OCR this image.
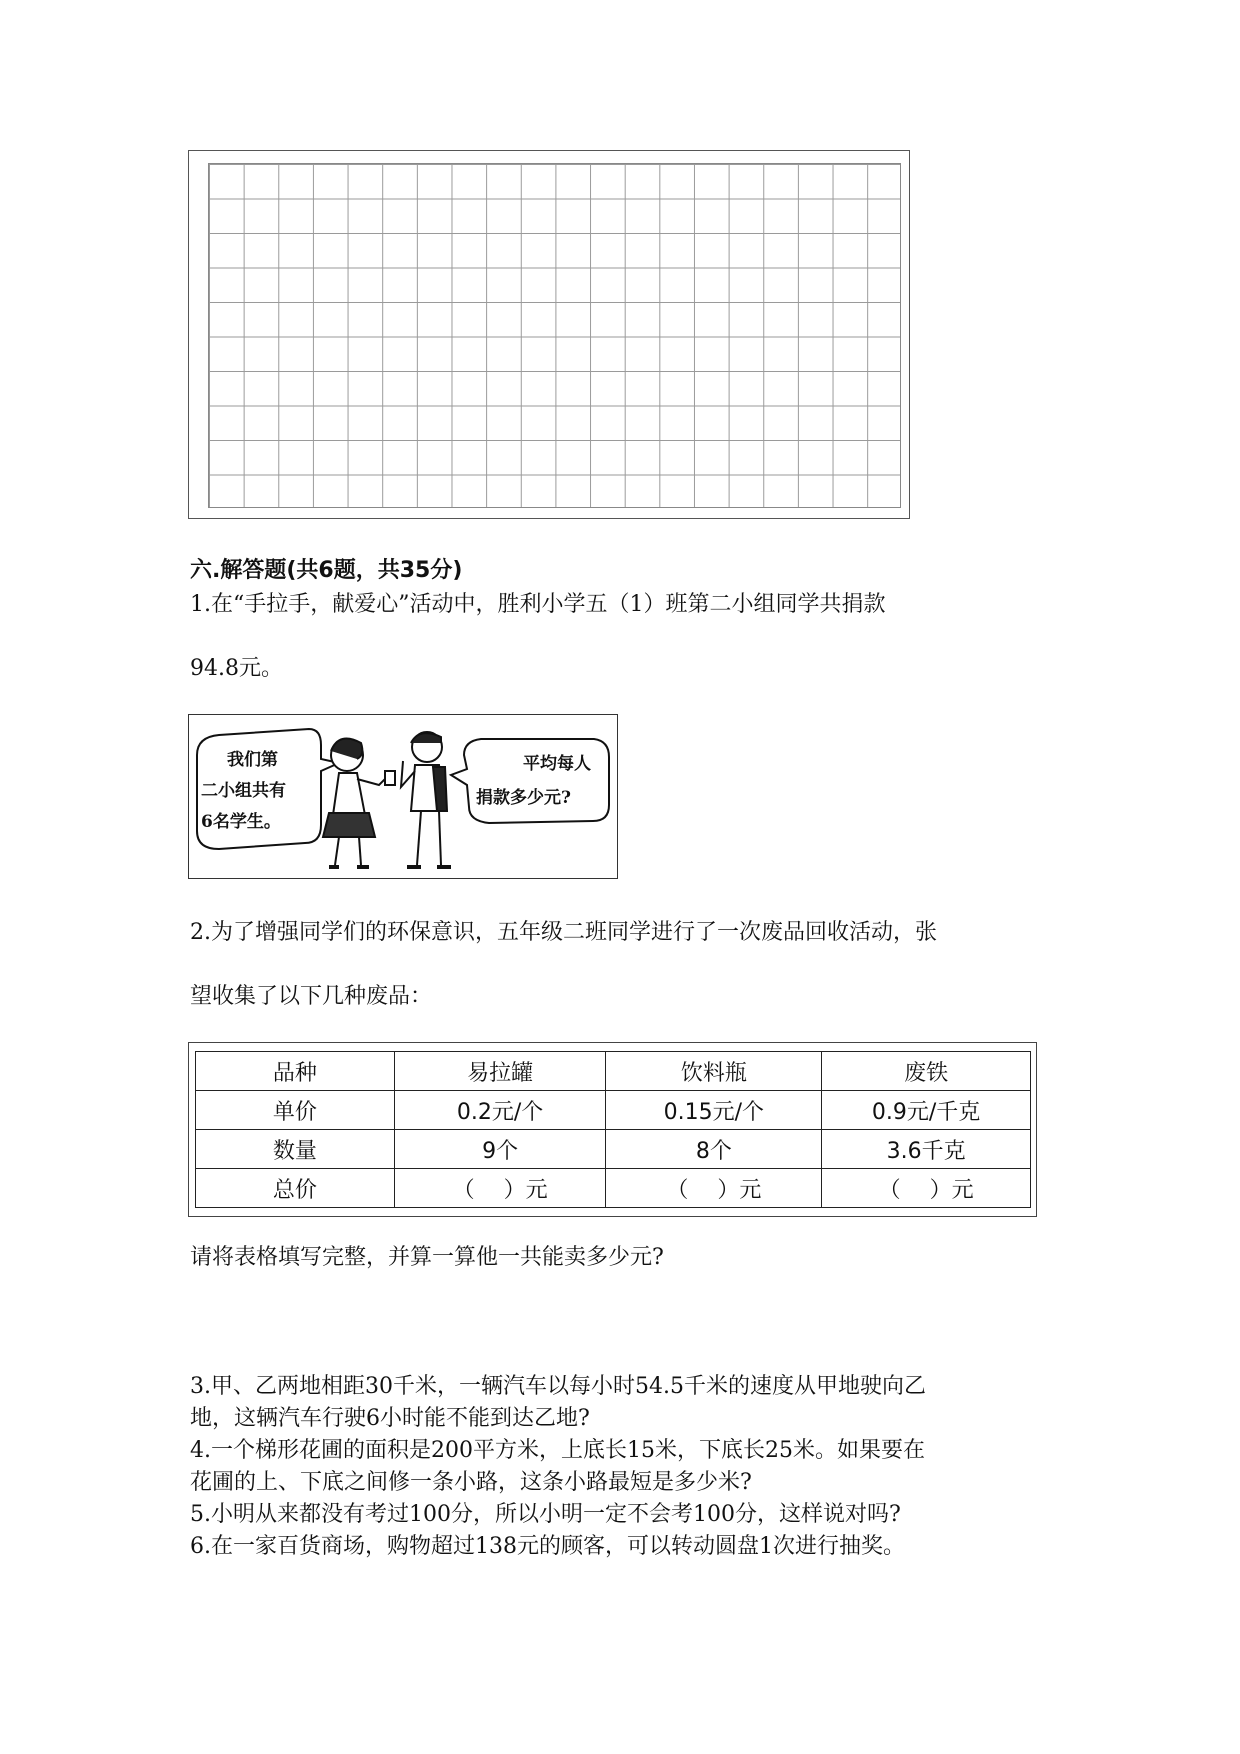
六.解答题(共6题，共35分)
1.在“手拉手，献爱心”活动中，胜利小学五（1）班第二小组同学共捐款
94.8元。
我们第
二小组共有
6名学生。
平均每人
捐款多少元?
2.为了增强同学们的环保意识，五年级二班同学进行了一次废品回收活动，张
望收集了以下几种废品：
品种	易拉罐	饮料瓶	废铁
单价	0.2元/个	0.15元/个	0.9元/千克
数量	9个	8个	3.6千克
总价	（　 ）元	（　 ）元	（　 ）元
请将表格填写完整，并算一算他一共能卖多少元?
3.甲、乙两地相距30千米，一辆汽车以每小时54.5千米的速度从甲地驶向乙
地，这辆汽车行驶6小时能不能到达乙地?
4.一个梯形花圃的面积是200平方米，上底长15米，下底长25米。如果要在
花圃的上、下底之间修一条小路，这条小路最短是多少米?
5.小明从来都没有考过100分，所以小明一定不会考100分，这样说对吗?
6.在一家百货商场，购物超过138元的顾客，可以转动圆盘1次进行抽奖。
